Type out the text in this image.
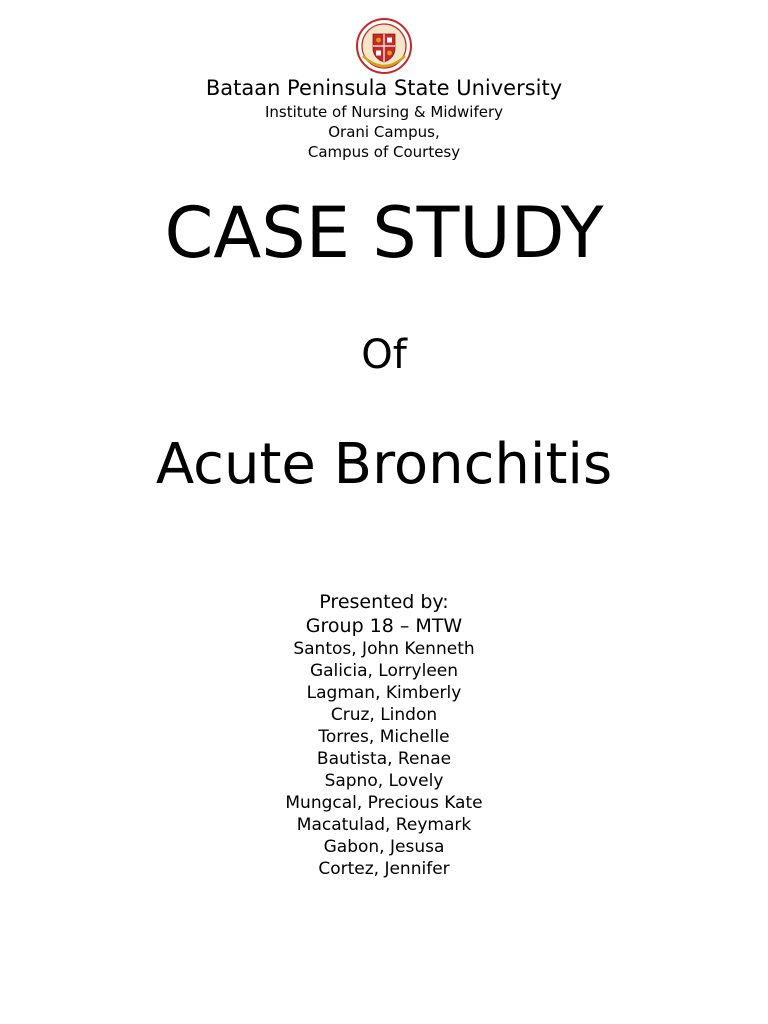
Bataan Peninsula State University
Institute of Nursing & Midwifery
Orani Campus,
Campus of Courtesy
CASE STUDY
Of
Acute Bronchitis
Presented by:
Group 18 – MTW
Santos, John Kenneth
Galicia, Lorryleen
Lagman, Kimberly
Cruz, Lindon
Torres, Michelle
Bautista, Renae
Sapno, Lovely
Mungcal, Precious Kate
Macatulad, Reymark
Gabon, Jesusa
Cortez, Jennifer
